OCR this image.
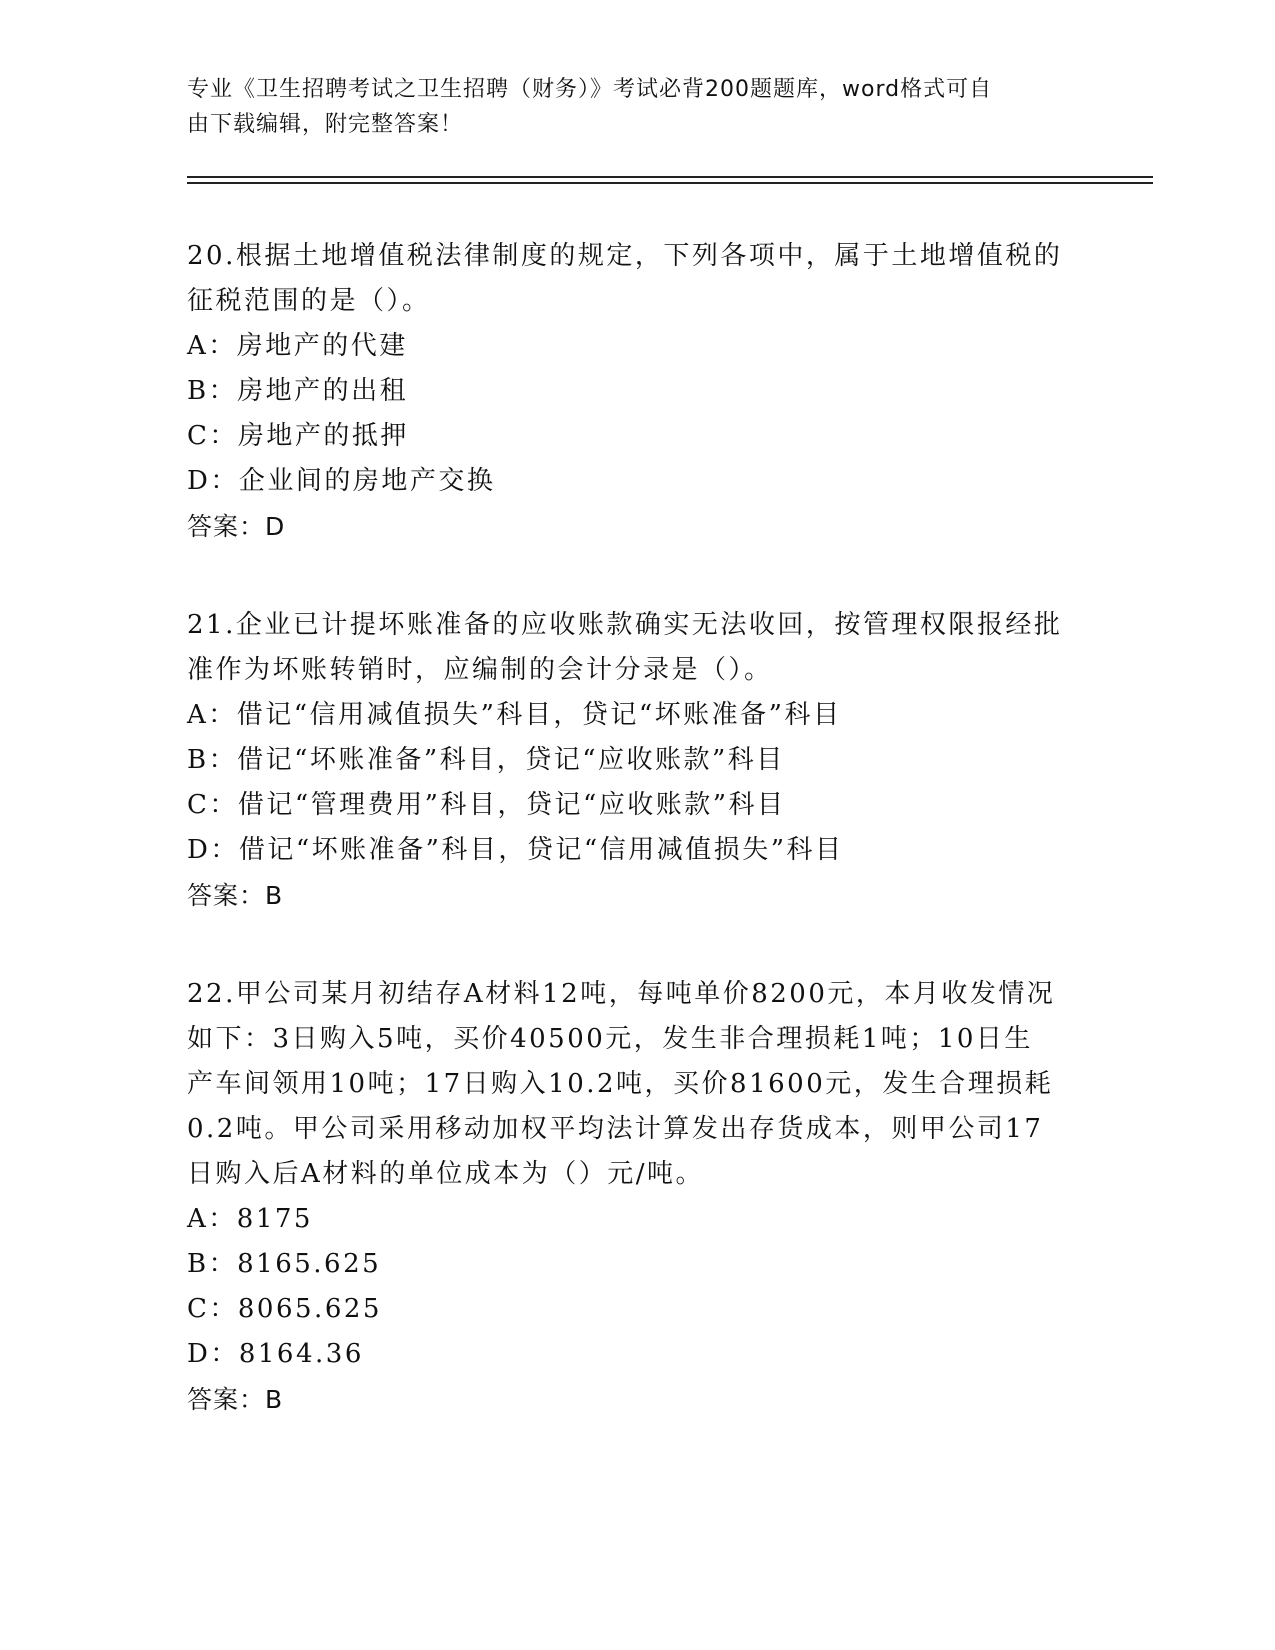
专业《卫生招聘考试之卫生招聘（财务）》考试必背200题题库，word格式可自
由下载编辑，附完整答案！
20.根据土地增值税法律制度的规定，下列各项中，属于土地增值税的
征税范围的是（）。
A：房地产的代建
B：房地产的出租
C：房地产的抵押
D：企业间的房地产交换
答案：D
21.企业已计提坏账准备的应收账款确实无法收回，按管理权限报经批
准作为坏账转销时，应编制的会计分录是（）。
A：借记“信用减值损失”科目，贷记“坏账准备”科目
B：借记“坏账准备”科目，贷记“应收账款”科目
C：借记“管理费用”科目，贷记“应收账款”科目
D：借记“坏账准备”科目，贷记“信用减值损失”科目
答案：B
22.甲公司某月初结存A材料12吨，每吨单价8200元，本月收发情况
如下：3日购入5吨，买价40500元，发生非合理损耗1吨；10日生
产车间领用10吨；17日购入10.2吨，买价81600元，发生合理损耗
0.2吨。甲公司采用移动加权平均法计算发出存货成本，则甲公司17
日购入后A材料的单位成本为（）元/吨。
A：8175
B：8165.625
C：8065.625
D：8164.36
答案：B
